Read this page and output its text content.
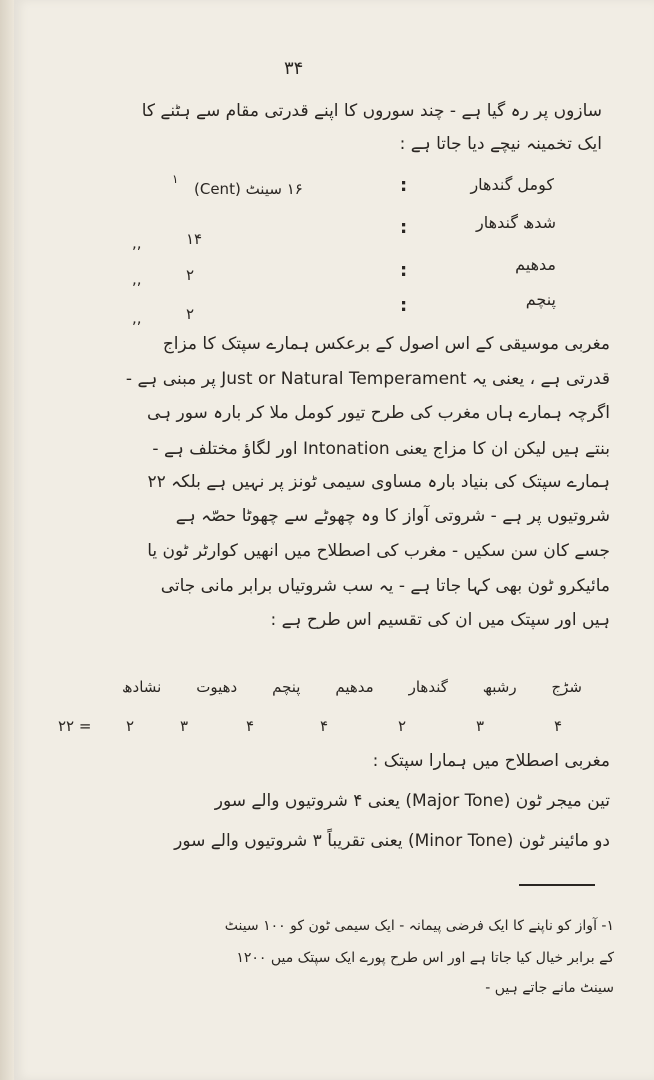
۳۴
سازوں پر رہ گیا ہے - چند سوروں کا اپنے قدرتی مقام سے ہٹنے کا
ایک تخمینہ نیچے دیا جاتا ہے :
کومل گندھار
:
۱۶ سینٹ (Cent)
۱
شدھ گندھار
:
۱۴
,,
مدھیم
:
۲
,,
پنچم
:
۲
,,
مغربی موسیقی کے اس اصول کے برعکس ہمارے سپتک کا مزاج
قدرتی ہے ، یعنی یہ Just or Natural Temperament پر مبنی ہے -
اگرچہ ہمارے ہاں مغرب کی طرح تیور کومل ملا کر بارہ سور ہی
بنتے ہیں لیکن ان کا مزاج یعنی Intonation اور لگاؤ مختلف ہے -
ہمارے سپتک کی بنیاد بارہ مساوی سیمی ٹونز پر نہیں ہے بلکہ ۲۲
شروتیوں پر ہے - شروتی آواز کا وہ چھوٹے سے چھوٹا حصّہ ہے
جسے کان سن سکیں - مغرب کی اصطلاح میں انھیں کوارٹر ٹون یا
مائیکرو ٹون بھی کہا جاتا ہے - یہ سب شروتیاں برابر مانی جاتی
ہیں اور سپتک میں ان کی تقسیم اس طرح ہے :
شڑج
رشبھ
گندھار
مدھیم
پنچم
دھیوت
نشادھ
۴
۳
۲
۴
۴
۳
۲
۲۲ =
مغربی اصطلاح میں ہمارا سپتک :
تین میجر ٹون (Major Tone) یعنی ۴ شروتیوں والے سور
دو مائینر ٹون (Minor Tone) یعنی تقریباً ۳ شروتیوں والے سور
۱- آواز کو ناپنے کا ایک فرضی پیمانہ - ایک سیمی ٹون کو ۱۰۰ سینٹ
کے برابر خیال کیا جاتا ہے اور اس طرح پورے ایک سپتک میں ۱۲۰۰
سینٹ مانے جاتے ہیں -
